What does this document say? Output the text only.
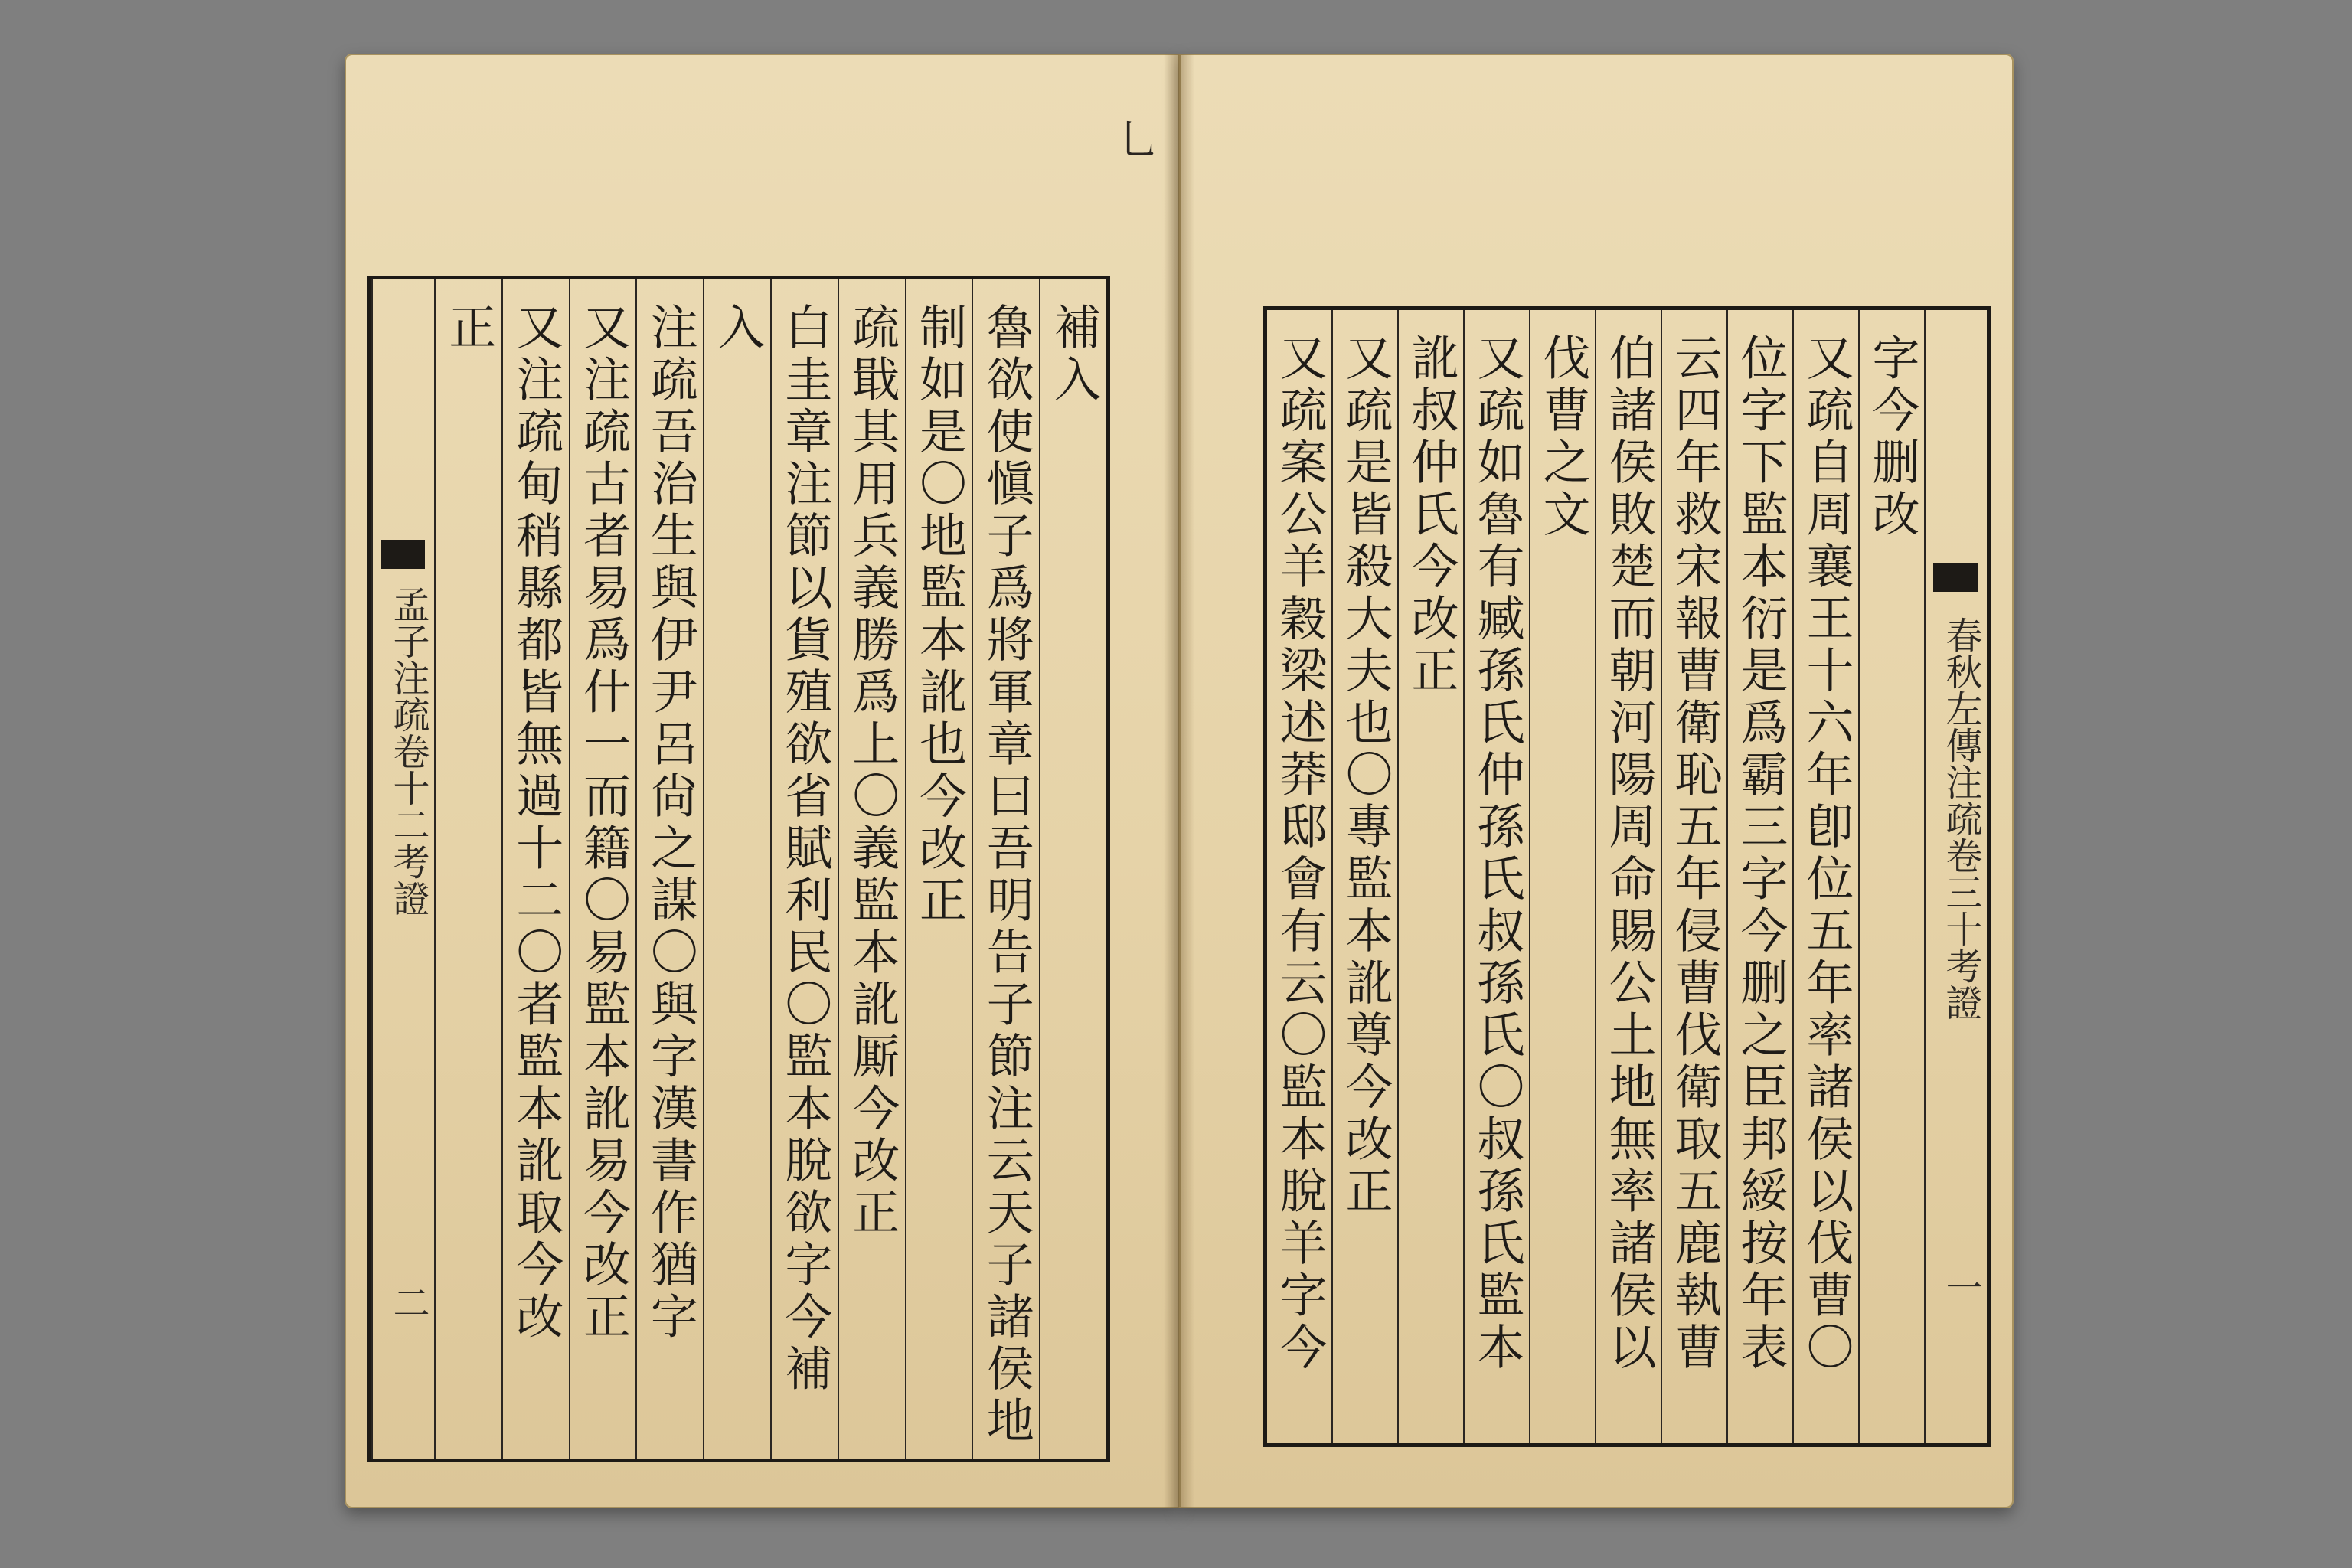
乚
補入
魯欲使愼子爲將軍章曰吾明告子節注云天子諸侯地
制如是〇地監本訛也今改正
疏戢其用兵義勝爲上〇義監本訛厮今改正
白圭章注節以貨殖欲省賦利民〇監本脫欲字今補
入
注疏吾治生與伊尹呂尙之謀〇與字漢書作猶字
又注疏古者易爲什一而籍〇易監本訛易今改正
又注疏甸稍縣都皆無過十二〇者監本訛取今改
正
孟子注疏卷十二考證
二
春秋左傳注疏卷三十考證
一
字今删改
又疏自周襄王十六年卽位五年率諸侯以伐曹〇
位字下監本衍是爲霸三字今删之臣邦綏按年表
云四年救宋報曹衛恥五年侵曹伐衛取五鹿執曹
伯諸侯敗楚而朝河陽周命賜公土地無率諸侯以
伐曹之文
又疏如魯有臧孫氏仲孫氏叔孫氏〇叔孫氏監本
訛叔仲氏今改正
又疏是皆殺大夫也〇專監本訛尊今改正
又疏案公羊穀梁述莽邸會有云〇監本脫羊字今
